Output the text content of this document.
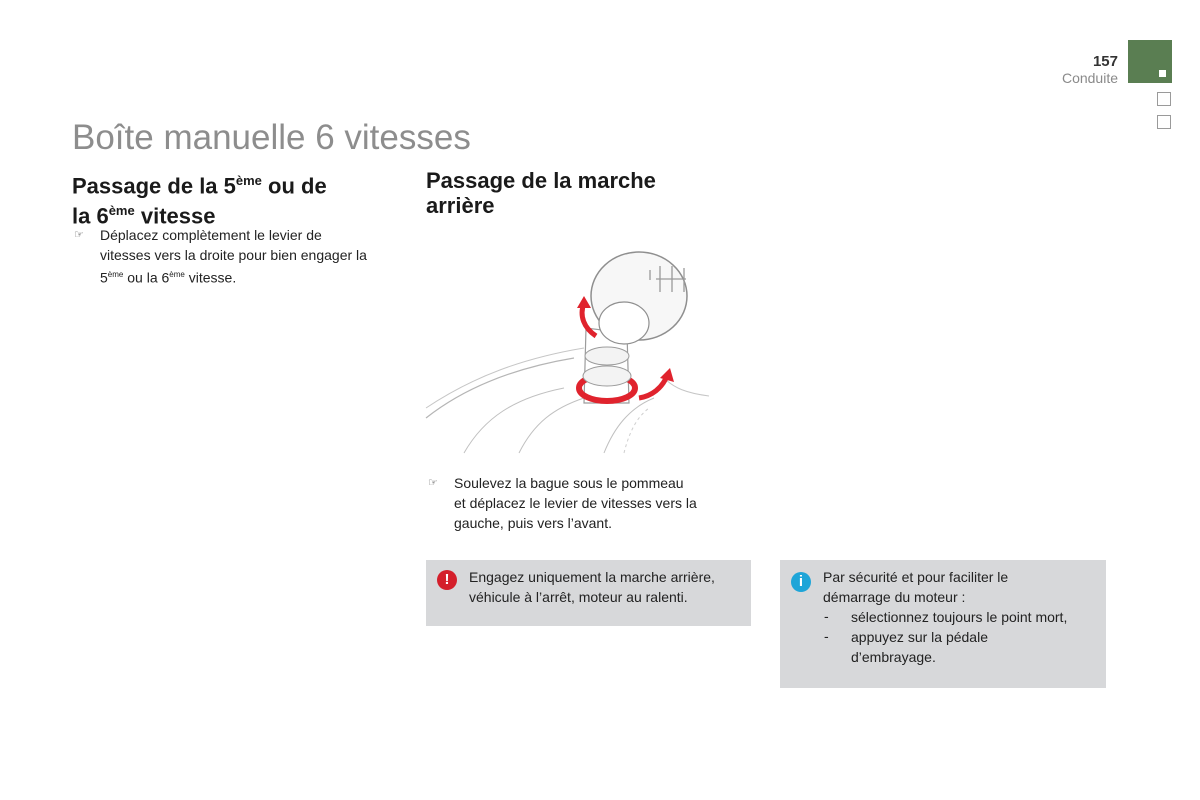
157
Conduite
Boîte manuelle 6 vitesses
Passage de la 5ème ou de
la 6ème vitesse
☞ Déplacez complètement le levier de
vitesses vers la droite pour bien engager la
5ème ou la 6ème vitesse.
Passage de la marche
arrière
☞ Soulevez la bague sous le pommeau
et déplacez le levier de vitesses vers la
gauche, puis vers l’avant.
!	Engagez uniquement la marche arrière,
véhicule à l’arrêt, moteur au ralenti.
i	Par sécurité et pour faciliter le
démarrage du moteur :
- sélectionnez toujours le point mort,
- appuyez sur la pédale
d’embrayage.
